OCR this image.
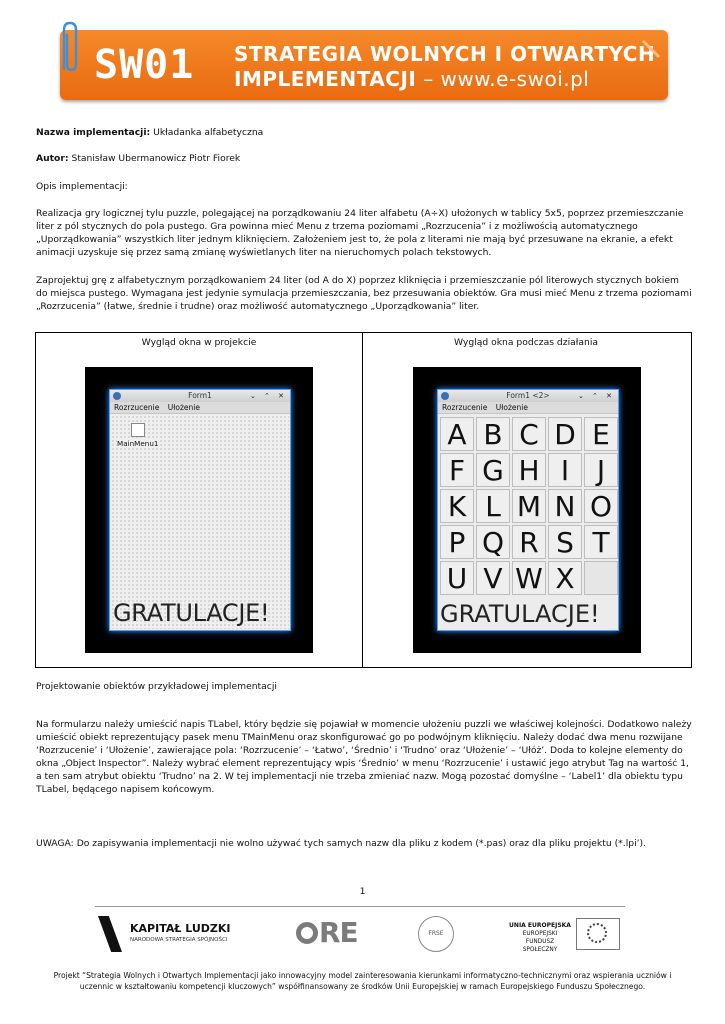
SW01 STRATEGIA WOLNYCH I OTWARTYCH
IMPLEMENTACJI – www.e-swoi.pl
Nazwa implementacji: Układanka alfabetyczna
Autor: Stanisław Ubermanowicz Piotr Fiorek
Opis implementacji:
Realizacja gry logicznej tylu puzzle, polegającej na porządkowaniu 24 liter alfabetu (A÷X) ułożonych w tablicy 5x5, poprzez przemieszczanie liter z pól stycznych do pola pustego. Gra powinna mieć Menu z trzema poziomami „Rozrzucenia” i z możliwością automatycznego „Uporządkowania” wszystkich liter jednym kliknięciem. Założeniem jest to, że pola z literami nie mają być przesuwane na ekranie, a efekt animacji uzyskuje się przez samą zmianę wyświetlanych liter na nieruchomych polach tekstowych.
Zaprojektuj grę z alfabetycznym porządkowaniem 24 liter (od A do X) poprzez kliknięcia i przemieszczanie pól literowych stycznych bokiem do miejsca pustego. Wymagana jest jedynie symulacja przemieszczania, bez przesuwania obiektów. Gra musi mieć Menu z trzema poziomami „Rozrzucenia” (łatwe, średnie i trudne) oraz możliwość automatycznego „Uporządkowania” liter.
Wygląd okna w projekcie	Wygląd okna podczas działania
Form1	⌄ ⌃ ✕
Rozrzucenie Ułożenie
MainMenu1
GRATULACJE!
Form1 <2>	⌄ ⌃ ✕
Rozrzucenie Ułożenie
A B C D E
F G H I J
K L M N O
P Q R S T
U V W X
GRATULACJE!
Projektowanie obiektów przykładowej implementacji
Na formularzu należy umieścić napis TLabel, który będzie się pojawiał w momencie ułożeniu puzzli we właściwej kolejności. Dodatkowo należy umieścić obiekt reprezentujący pasek menu TMainMenu oraz skonfigurować go po podwójnym kliknięciu. Należy dodać dwa menu rozwijane ‘Rozrzucenie’ i ‘Ułożenie’, zawierające pola: ‘Rozrzucenie’ – ‘Łatwo’, ‘Średnio’ i ‘Trudno’ oraz ‘Ułożenie’ – ‘Ułóż’. Doda to kolejne elementy do okna „Object Inspector”. Należy wybrać element reprezentujący wpis ‘Średnio’ w menu ‘Rozrzucenie’ i ustawić jego atrybut Tag na wartość 1, a ten sam atrybut obiektu ‘Trudno’ na 2. W tej implementacji nie trzeba zmieniać nazw. Mogą pozostać domyślne – ‘Label1’ dla obiektu typu TLabel, będącego napisem końcowym.
UWAGA: Do zapisywania implementacji nie wolno używać tych samych nazw dla pliku z kodem (*.pas) oraz dla pliku projektu (*.lpi’).
1
KAPITAŁ LUDZKI
NARODOWA STRATEGIA SPÓJNOŚCI	RE	FRSE
UNIA EUROPEJSKA
EUROPEJSKI
FUNDUSZ SPOŁECZNY
Projekt “Strategia Wolnych i Otwartych Implementacji jako innowacyjny model zainteresowania kierunkami informatyczno-technicznymi oraz wspierania uczniów i uczennic w kształtowaniu kompetencji kluczowych” współfinansowany ze środków Unii Europejskiej w ramach Europejskiego Funduszu Społecznego.
